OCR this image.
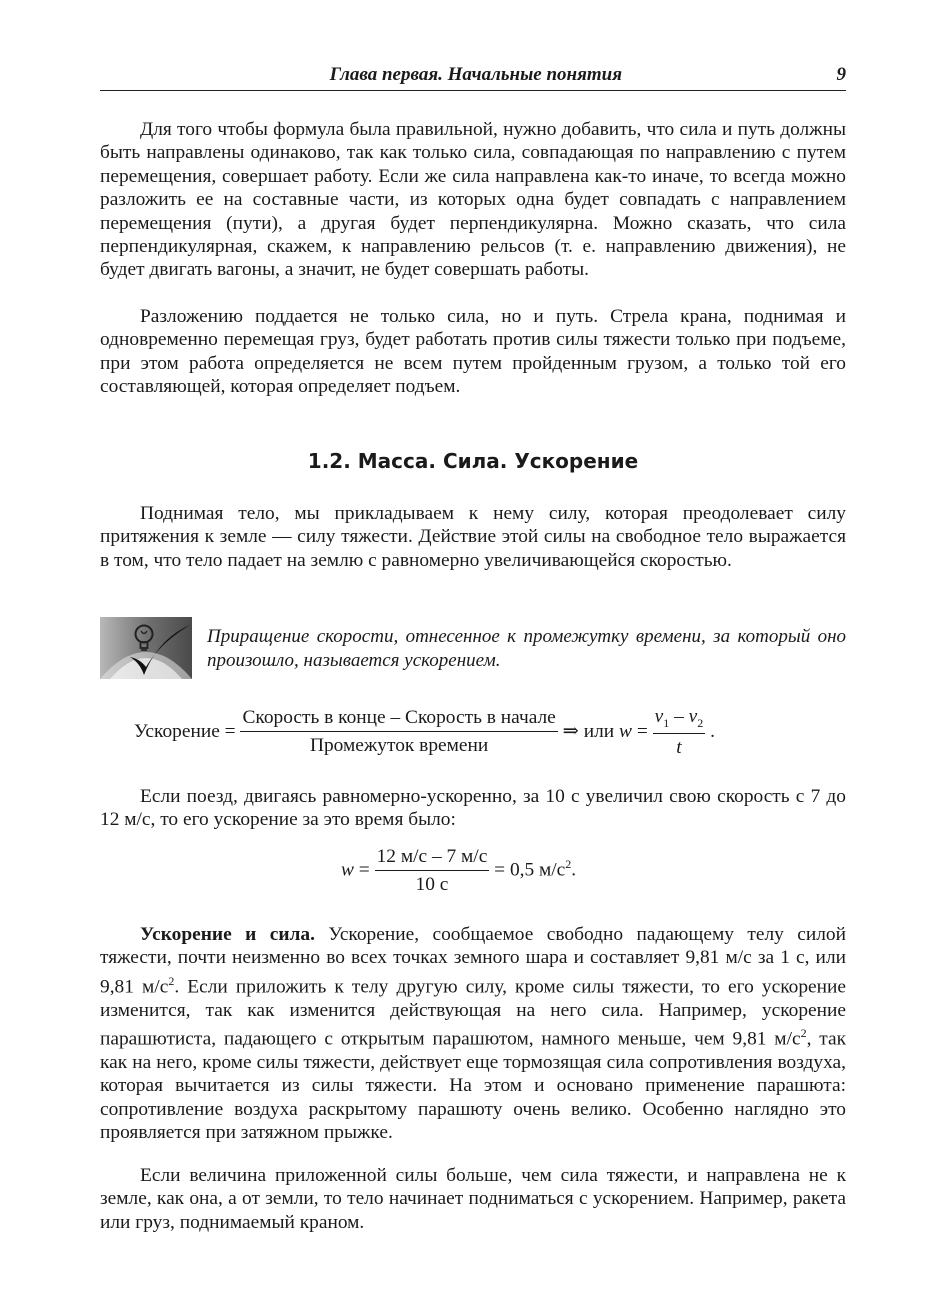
Глава первая. Начальные понятия	9

Для того чтобы формула была правильной, нужно добавить, что сила и путь должны быть направлены одинаково, так как только сила, совпадающая по направлению с путем перемещения, совершает работу. Если же сила направлена как-то иначе, то всегда можно разложить ее на составные части, из которых одна будет совпадать с направлением перемещения (пути), а другая будет перпендикулярна. Можно сказать, что сила перпендикулярная, скажем, к направлению рельсов (т. е. направлению движения), не будет двигать вагоны, а значит, не будет совершать работы.

Разложению поддается не только сила, но и путь. Стрела крана, поднимая и одновременно перемещая груз, будет работать против силы тяжести только при подъеме, при этом работа определяется не всем путем пройденным грузом, а только той его составляющей, которая определяет подъем.

1.2. Масса. Сила. Ускорение

Поднимая тело, мы прикладываем к нему силу, которая преодолевает силу притяжения к земле — силу тяжести. Действие этой силы на свободное тело выражается в том, что тело падает на землю с равномерно увеличивающейся скоростью.

Приращение скорости, отнесенное к промежутку времени, за который оно произошло, называется ускорением.
Ускорение = $\frac{\text{Скорость в конце – Скорость в начале}}{\text{Промежуток времени}}$ ⇒ или $w = \frac{v_1 - v_2}{t}$ .

Если поезд, двигаясь равномерно-ускоренно, за 10 с увеличил свою скорость с 7 до 12 м/с, то его ускорение за это время было:

$w = \frac{12 м/с - 7 м/с}{10 с} = 0,5$ $м/с^2$.

Ускорение и сила. Ускорение, сообщаемое свободно падающему телу силой тяжести, почти неизменно во всех точках земного шара и составляет 9,81 м/с за 1 с, или 9,81 $м/с^2$. Если приложить к телу другую силу, кроме силы тяжести, то его ускорение изменится, так как изменится действующая на него сила. Например, ускорение парашютиста, падающего с открытым парашютом, намного меньше, чем 9,81 $м/с^2$, так как на него, кроме силы тяжести, действует еще тормозящая сила сопротивления воздуха, которая вычитается из силы тяжести. На этом и основано применение парашюта: сопротивление воздуха раскрытому парашюту очень велико. Особенно наглядно это проявляется при затяжном прыжке.

Если величина приложенной силы больше, чем сила тяжести, и направлена не к земле, как она, а от земли, то тело начинает подниматься с ускорением. Например, ракета или груз, поднимаемый краном.
